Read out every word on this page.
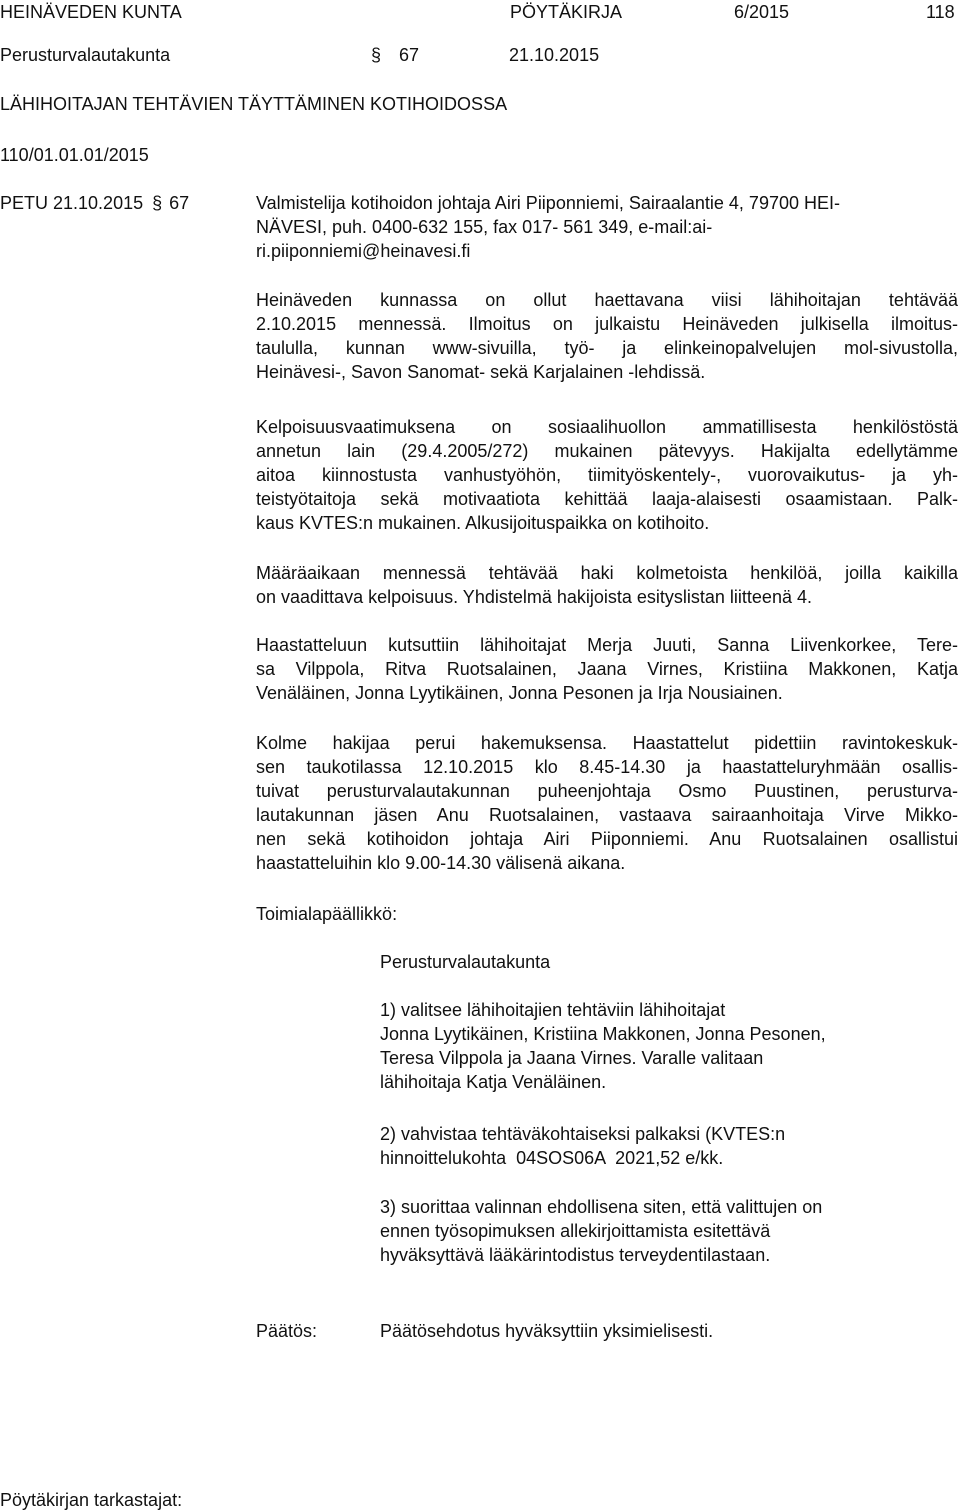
HEINÄVEDEN KUNTA	PÖYTÄKIRJA	6/2015	118
Perusturvalautakunta	§ 67	21.10.2015
LÄHIHOITAJAN TEHTÄVIEN TÄYTTÄMINEN KOTIHOIDOSSA
110/01.01.01/2015
PETU 21.10.2015 § 67	Valmistelija kotihoidon johtaja Airi Piiponniemi, Sairaalantie 4, 79700 HEI-
NÄVESI, puh. 0400-632 155, fax 017- 561 349, e-mail:ai-
ri.piiponniemi@heinavesi.fi
Heinäveden kunnassa on ollut haettavana viisi lähihoitajan tehtävää
2.10.2015 mennessä. Ilmoitus on julkaistu Heinäveden julkisella ilmoitus-
taululla, kunnan www-sivuilla, työ- ja elinkeinopalvelujen mol-sivustolla,
Heinävesi-, Savon Sanomat- sekä Karjalainen -lehdissä.
Kelpoisuusvaatimuksena on sosiaalihuollon ammatillisesta henkilöstöstä
annetun lain (29.4.2005/272) mukainen pätevyys. Hakijalta edellytämme
aitoa kiinnostusta vanhustyöhön, tiimityöskentely-, vuorovaikutus- ja yh-
teistyötaitoja sekä motivaatiota kehittää laaja-alaisesti osaamistaan. Palk-
kaus KVTES:n mukainen. Alkusijoituspaikka on kotihoito.
Määräaikaan mennessä tehtävää haki kolmetoista henkilöä, joilla kaikilla
on vaadittava kelpoisuus. Yhdistelmä hakijoista esityslistan liitteenä 4.
Haastatteluun kutsuttiin lähihoitajat Merja Juuti, Sanna Liivenkorkee, Tere-
sa Vilppola, Ritva Ruotsalainen, Jaana Virnes, Kristiina Makkonen, Katja
Venäläinen, Jonna Lyytikäinen, Jonna Pesonen ja Irja Nousiainen.
Kolme hakijaa perui hakemuksensa. Haastattelut pidettiin ravintokeskuk-
sen taukotilassa 12.10.2015 klo 8.45-14.30 ja haastatteluryhmään osallis-
tuivat perusturvalautakunnan puheenjohtaja Osmo Puustinen, perusturva-
lautakunnan jäsen Anu Ruotsalainen, vastaava sairaanhoitaja Virve Mikko-
nen sekä kotihoidon johtaja Airi Piiponniemi. Anu Ruotsalainen osallistui
haastatteluihin klo 9.00-14.30 välisenä aikana.
Toimialapäällikkö:
Perusturvalautakunta
1) valitsee lähihoitajien tehtäviin lähihoitajat
Jonna Lyytikäinen, Kristiina Makkonen, Jonna Pesonen,
Teresa Vilppola ja Jaana Virnes. Varalle valitaan
lähihoitaja Katja Venäläinen.
2) vahvistaa tehtäväkohtaiseksi palkaksi (KVTES:n
hinnoittelukohta  04SOS06A  2021,52 e/kk.
3) suorittaa valinnan ehdollisena siten, että valittujen on
ennen työsopimuksen allekirjoittamista esitettävä
hyväksyttävä lääkärintodistus terveydentilastaan.
Päätös:	Päätösehdotus hyväksyttiin yksimielisesti.
Pöytäkirjan tarkastajat:
